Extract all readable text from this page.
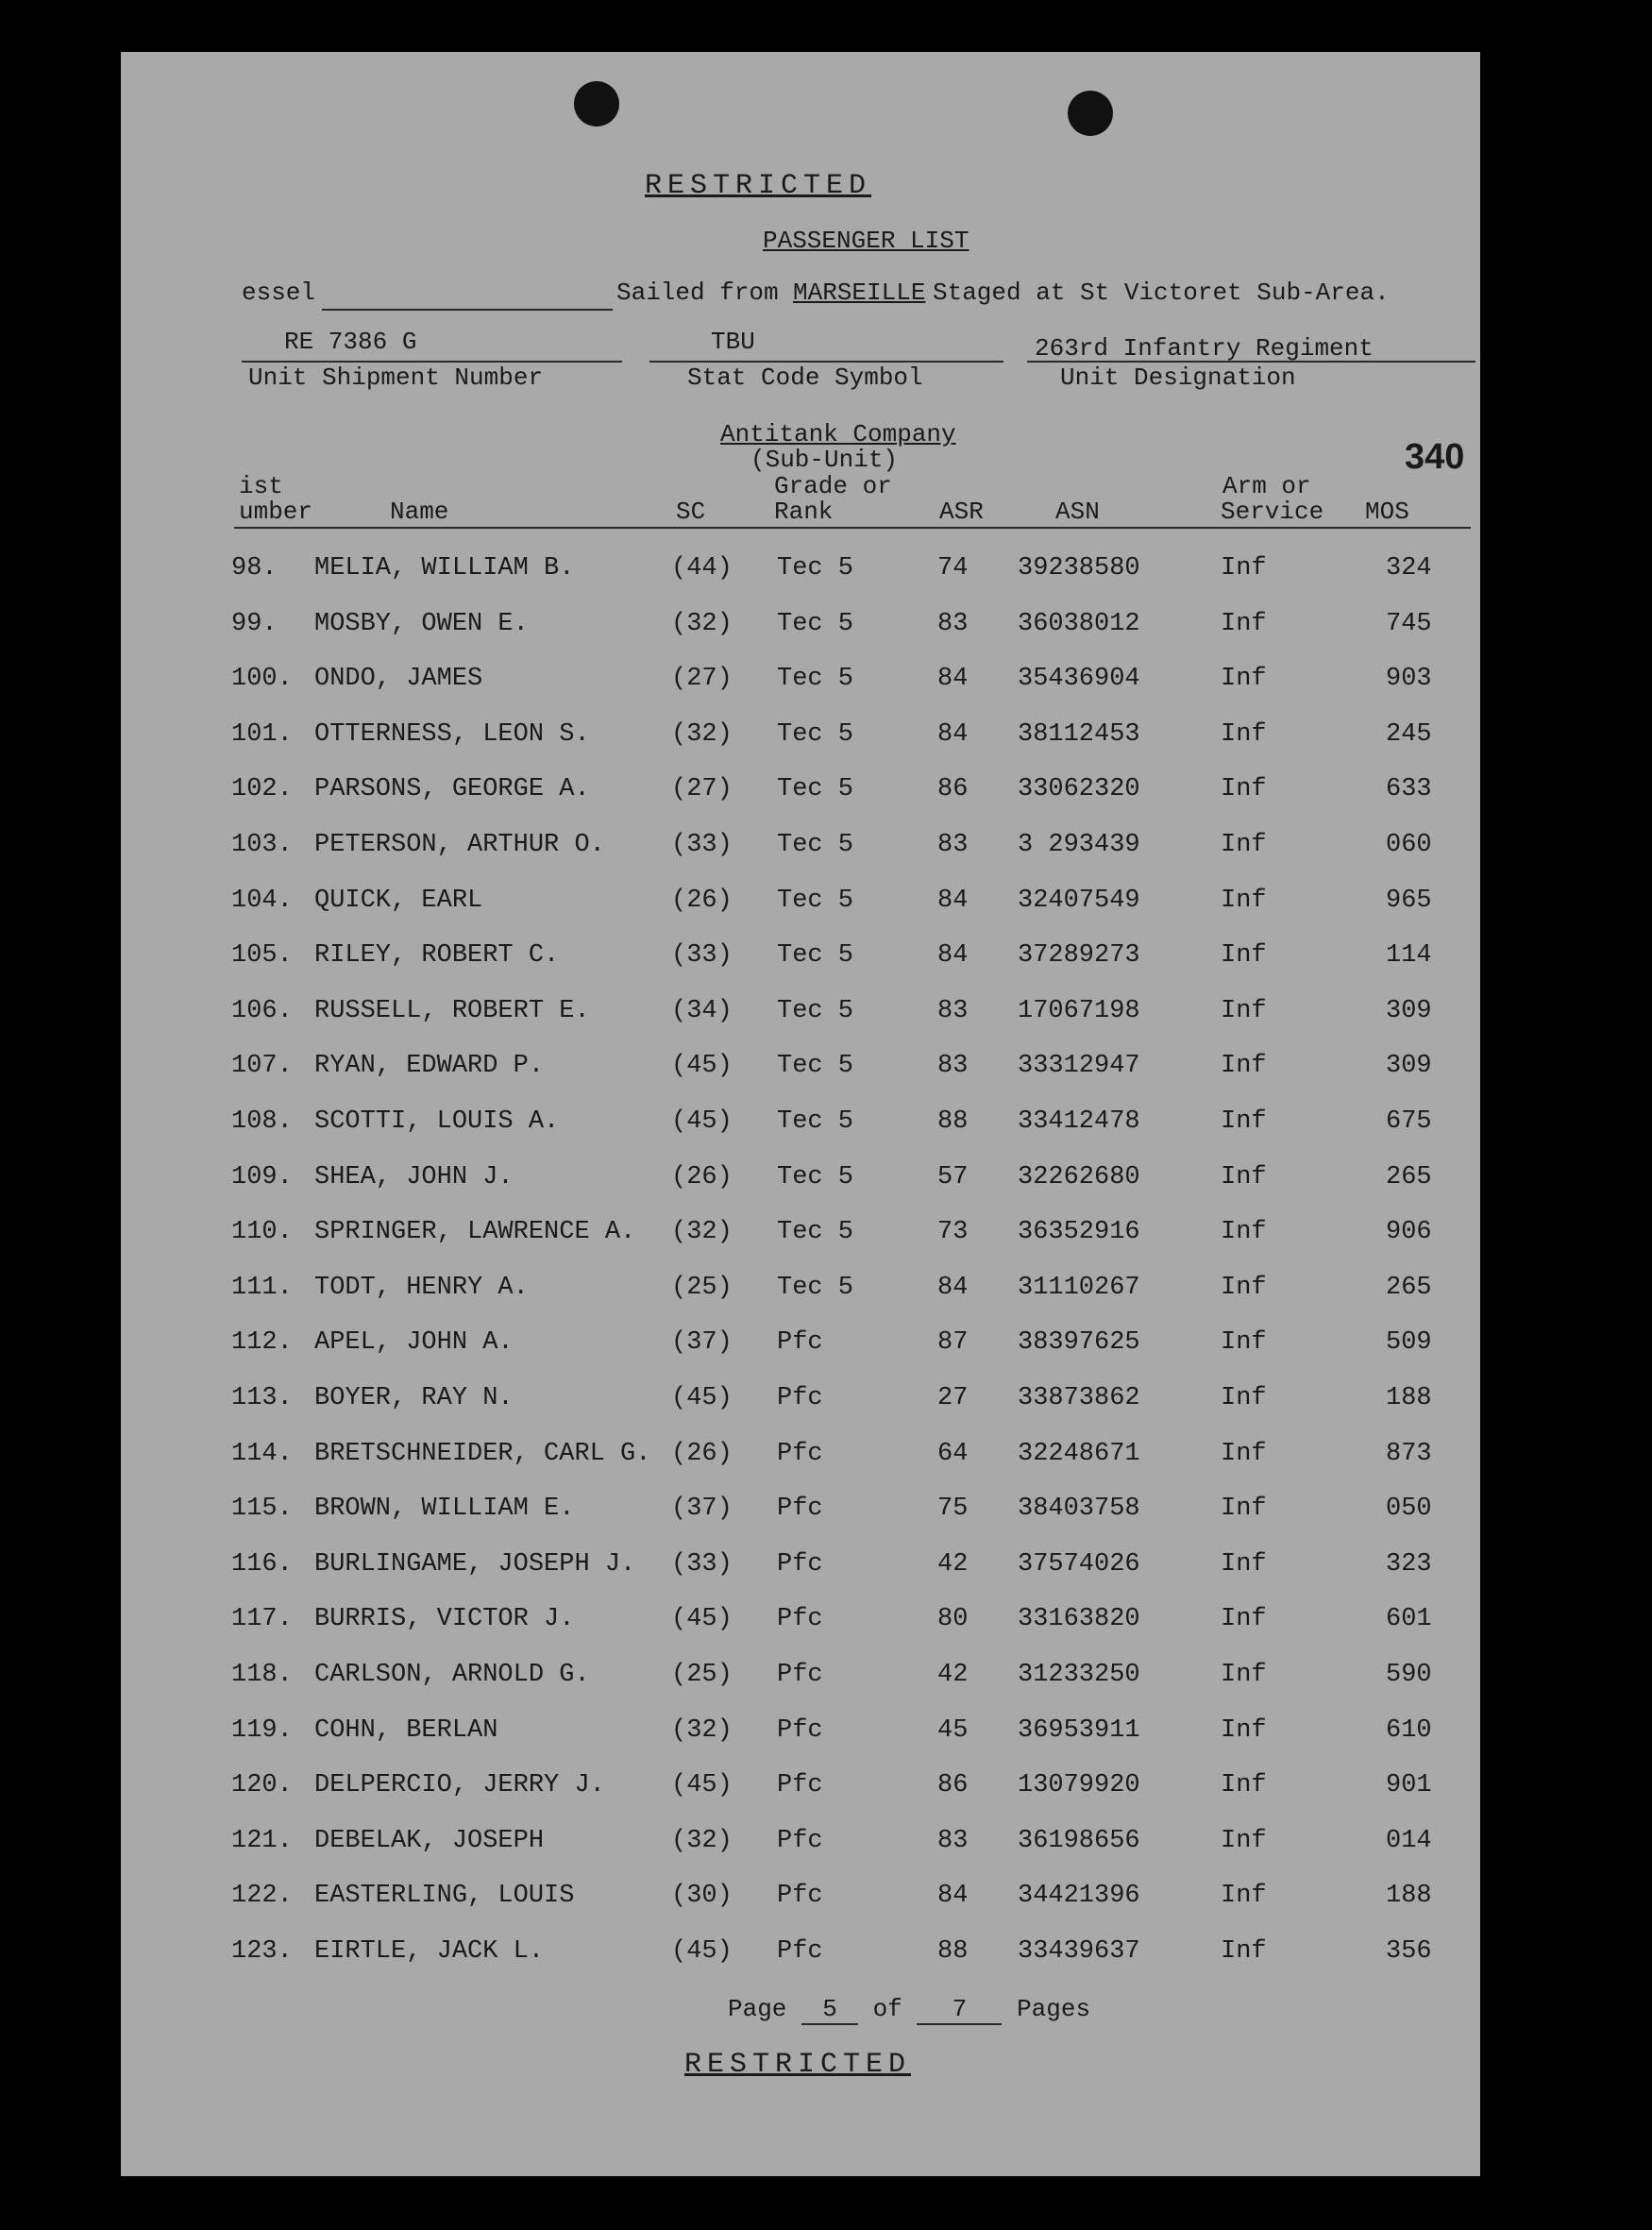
RESTRICTED
PASSENGER LIST
essel	Sailed from MARSEILLE Staged at St Victoret Sub-Area.
RE 7386 G
Unit Shipment Number
TBU
Stat Code Symbol
263rd Infantry Regiment
Unit Designation
Antitank Company
(Sub-Unit)	340
ist
umber	Name	SC
Grade or
Rank	ASR	ASN
Arm or
Service MOS
98. MELIA, WILLIAM B.	(44) Tec 5	74 39238580	Inf	324
99. MOSBY, OWEN E.	(32) Tec 5	83 36038012	Inf	745
100. ONDO, JAMES	(27) Tec 5	84 35436904	Inf	903
101. OTTERNESS, LEON S.	(32) Tec 5	84 38112453	Inf	245
102. PARSONS, GEORGE A.	(27) Tec 5	86 33062320	Inf	633
103. PETERSON, ARTHUR O.	(33) Tec 5	83 3 293439	Inf	060
104. QUICK, EARL	(26) Tec 5	84 32407549	Inf	965
105. RILEY, ROBERT C.	(33) Tec 5	84 37289273	Inf	114
106. RUSSELL, ROBERT E.	(34) Tec 5	83 17067198	Inf	309
107. RYAN, EDWARD P.	(45) Tec 5	83 33312947	Inf	309
108. SCOTTI, LOUIS A.	(45) Tec 5	88 33412478	Inf	675
109. SHEA, JOHN J.	(26) Tec 5	57 32262680	Inf	265
110. SPRINGER, LAWRENCE A. (32) Tec 5	73 36352916	Inf	906
111. TODT, HENRY A.	(25) Tec 5	84 31110267	Inf	265
112. APEL, JOHN A.	(37) Pfc	87 38397625	Inf	509
113. BOYER, RAY N.	(45) Pfc	27 33873862	Inf	188
114. BRETSCHNEIDER, CARL G. (26) Pfc	64 32248671	Inf	873
115. BROWN, WILLIAM E.	(37) Pfc	75 38403758	Inf	050
116. BURLINGAME, JOSEPH J. (33) Pfc	42 37574026	Inf	323
117. BURRIS, VICTOR J.	(45) Pfc	80 33163820	Inf	601
118. CARLSON, ARNOLD G.	(25) Pfc	42 31233250	Inf	590
119. COHN, BERLAN	(32) Pfc	45 36953911	Inf	610
120. DELPERCIO, JERRY J.	(45) Pfc	86 13079920	Inf	901
121. DEBELAK, JOSEPH	(32) Pfc	83 36198656	Inf	014
122. EASTERLING, LOUIS	(30) Pfc	84 34421396	Inf	188
123. EIRTLE, JACK L.	(45) Pfc	88 33439637	Inf	356
Page 5 of 7 Pages
RESTRICTED
